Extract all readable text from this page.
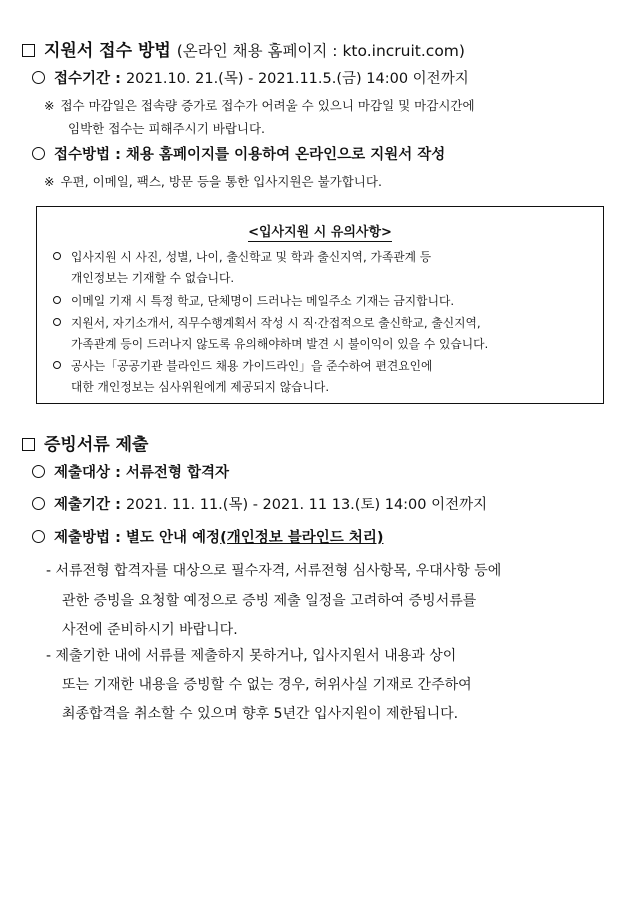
지원서 접수 방법 (온라인 채용 홈페이지 : kto.incruit.com)
접수기간 : 2021.10. 21.(목) - 2021.11.5.(금) 14:00 이전까지
※ 접수 마감일은 접속량 증가로 접수가 어려울 수 있으니 마감일 및 마감시간에
임박한 접수는 피해주시기 바랍니다.
접수방법 : 채용 홈페이지를 이용하여 온라인으로 지원서 작성
※ 우편, 이메일, 팩스, 방문 등을 통한 입사지원은 불가합니다.
<입사지원 시 유의사항>
입사지원 시 사진, 성별, 나이, 출신학교 및 학과 출신지역, 가족관계 등
개인정보는 기재할 수 없습니다.
이메일 기재 시 특정 학교, 단체명이 드러나는 메일주소 기재는 금지합니다.
지원서, 자기소개서, 직무수행계획서 작성 시 직·간접적으로 출신학교, 출신지역,
가족관계 등이 드러나지 않도록 유의해야하며 발견 시 불이익이 있을 수 있습니다.
공사는「공공기관 블라인드 채용 가이드라인」을 준수하여 편견요인에
대한 개인정보는 심사위원에게 제공되지 않습니다.
증빙서류 제출
제출대상 : 서류전형 합격자
제출기간 : 2021. 11. 11.(목) - 2021. 11 13.(토) 14:00 이전까지
제출방법 : 별도 안내 예정(개인정보 블라인드 처리)
- 서류전형 합격자를 대상으로 필수자격, 서류전형 심사항목, 우대사항 등에
관한 증빙을 요청할 예정으로 증빙 제출 일정을 고려하여 증빙서류를
사전에 준비하시기 바랍니다.
- 제출기한 내에 서류를 제출하지 못하거나, 입사지원서 내용과 상이
또는 기재한 내용을 증빙할 수 없는 경우, 허위사실 기재로 간주하여
최종합격을 취소할 수 있으며 향후 5년간 입사지원이 제한됩니다.
